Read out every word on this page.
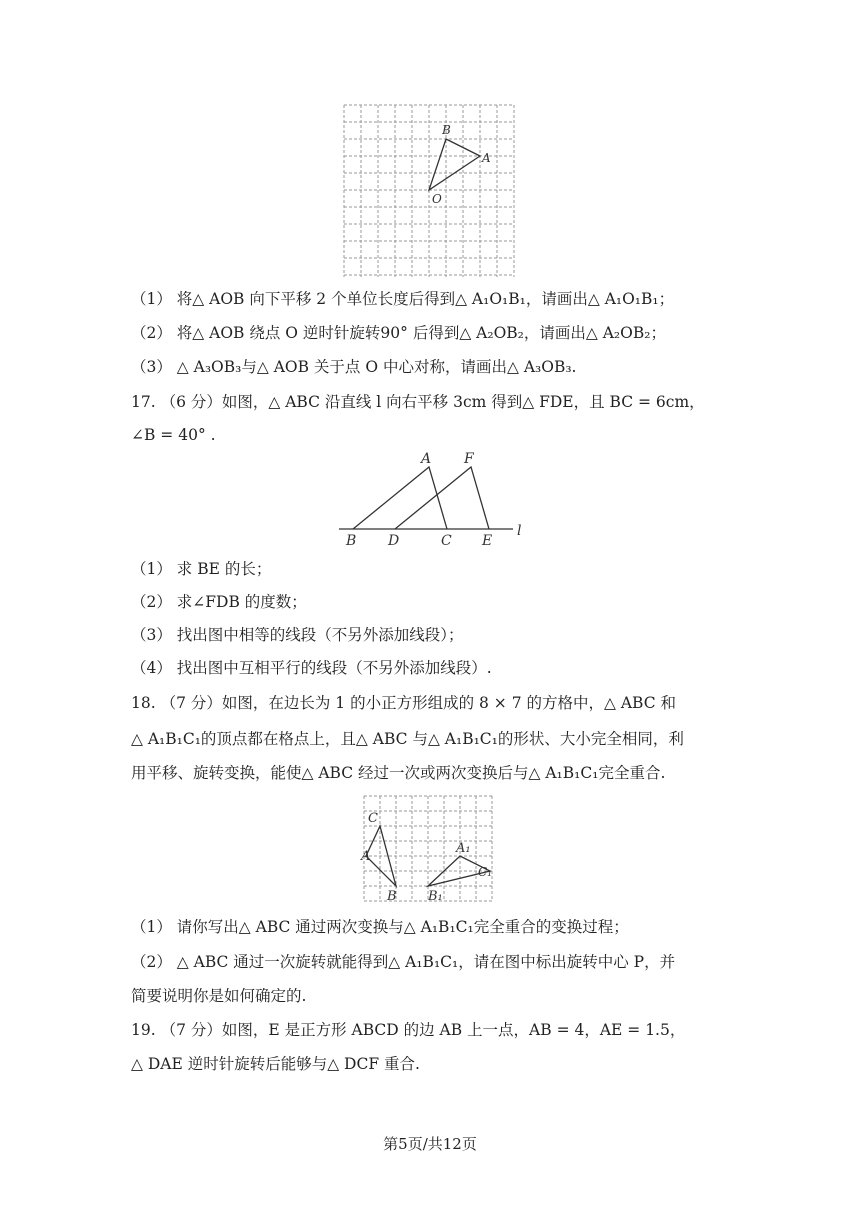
B
A
O
（1） 将△ AOB 向下平移 2 个单位长度后得到△ A₁O₁B₁，请画出△ A₁O₁B₁；
（2） 将△ AOB 绕点 O 逆时针旋转90° 后得到△ A₂OB₂，请画出△ A₂OB₂；
（3） △ A₃OB₃与△ AOB 关于点 O 中心对称，请画出△ A₃OB₃.
17. （6 分）如图，△ ABC 沿直线 l 向右平移 3cm 得到△ FDE，且 BC = 6cm，
∠B = 40° .
A F
B D	C E
l
（1） 求 BE 的长；
（2） 求∠FDB 的度数；
（3） 找出图中相等的线段（不另外添加线段）；
（4） 找出图中互相平行的线段（不另外添加线段）.
18. （7 分）如图，在边长为 1 的小正方形组成的 8 × 7 的方格中，△ ABC 和
△ A₁B₁C₁的顶点都在格点上，且△ ABC 与△ A₁B₁C₁的形状、大小完全相同，利
用平移、旋转变换，能使△ ABC 经过一次或两次变换后与△ A₁B₁C₁完全重合.
C
A
B
A₁
C₁
B₁
（1） 请你写出△ ABC 通过两次变换与△ A₁B₁C₁完全重合的变换过程；
（2） △ ABC 通过一次旋转就能得到△ A₁B₁C₁，请在图中标出旋转中心 P，并
简要说明你是如何确定的.
19. （7 分）如图，E 是正方形 ABCD 的边 AB 上一点，AB = 4，AE = 1.5，
△ DAE 逆时针旋转后能够与△ DCF 重合.
第5页/共12页
